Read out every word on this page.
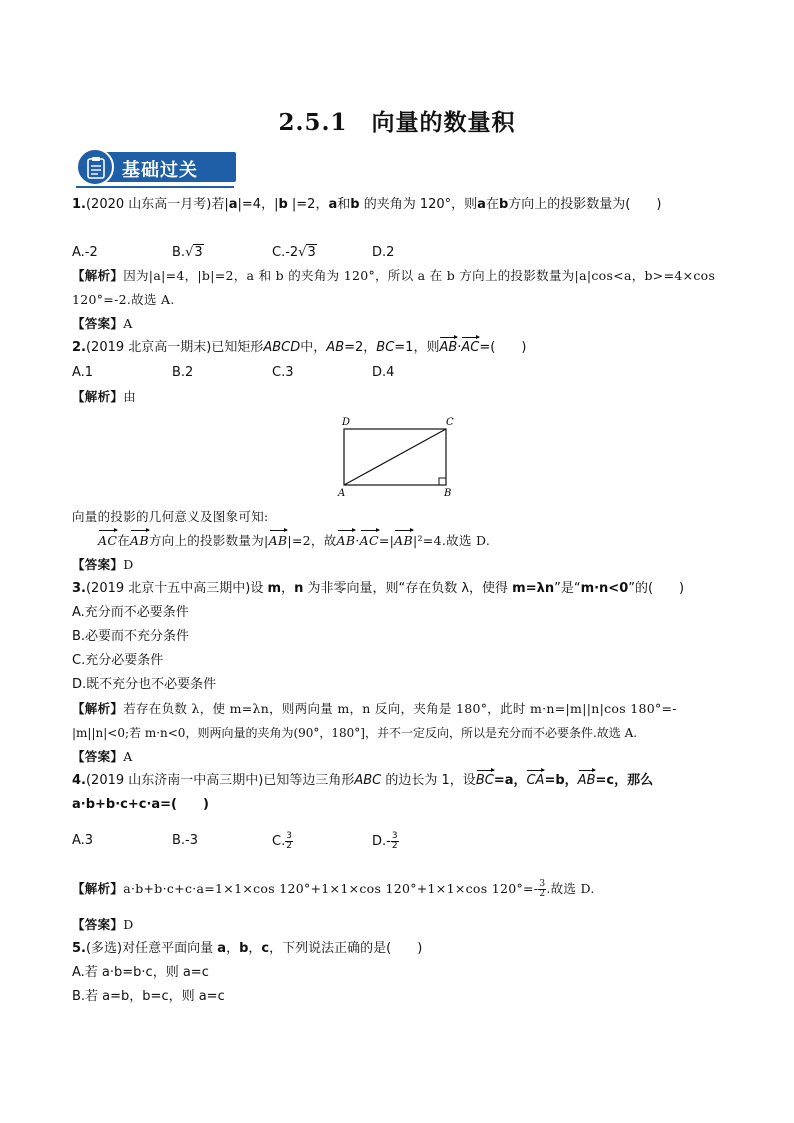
2.5.1　向量的数量积
基础过关
1.(2020 山东高一月考)若|a|=4，|b |=2，a和b 的夹角为 120°，则a在b方向上的投影数量为(　　)
A.-2	B.√3	C.-2√3	D.2
【解析】因为|a|=4，|b|=2，a 和 b 的夹角为 120°，所以 a 在 b 方向上的投影数量为|a|cos<a，b>=4×cos
120°=-2.故选 A.
【答案】A
2.(2019 北京高一期末)已知矩形ABCD中，AB=2，BC=1，则AB·AC=(　　)
A.1	B.2	C.3	D.4
【解析】由
D	C
A	B
向量的投影的几何意义及图象可知:
AC在AB方向上的投影数量为|AB|=2，故AB·AC=|AB|²=4.故选 D.
【答案】D
3.(2019 北京十五中高三期中)设 m，n 为非零向量，则“存在负数 λ，使得 m=λn”是“m·n<0”的(　　)
A.充分而不必要条件
B.必要而不充分条件
C.充分必要条件
D.既不充分也不必要条件
【解析】若存在负数 λ，使 m=λn，则两向量 m，n 反向，夹角是 180°，此时 m·n=|m||n|cos 180°=-
|m||n|<0;若 m·n<0，则两向量的夹角为(90°，180°]，并不一定反向，所以是充分而不必要条件.故选 A.
【答案】A
4.(2019 山东济南一中高三期中)已知等边三角形ABC 的边长为 1，设BC=a，CA=b，AB=c，那么
a·b+b·c+c·a=(　　)
A.3	B.-3	C. $\frac{3}{2}$	$D.- \frac{3}{2}$
【解析】a·b+b·c+c·a=1×1×cos 120°+1×1×cos 120°+1×1×cos $120^\circ=- \frac{3}{2}$ .故选 D.
【答案】D
5.(多选)对任意平面向量 a，b，c，下列说法正确的是(　　)
A.若 a·b=b·c，则 a=c
B.若 a=b，b=c，则 a=c
